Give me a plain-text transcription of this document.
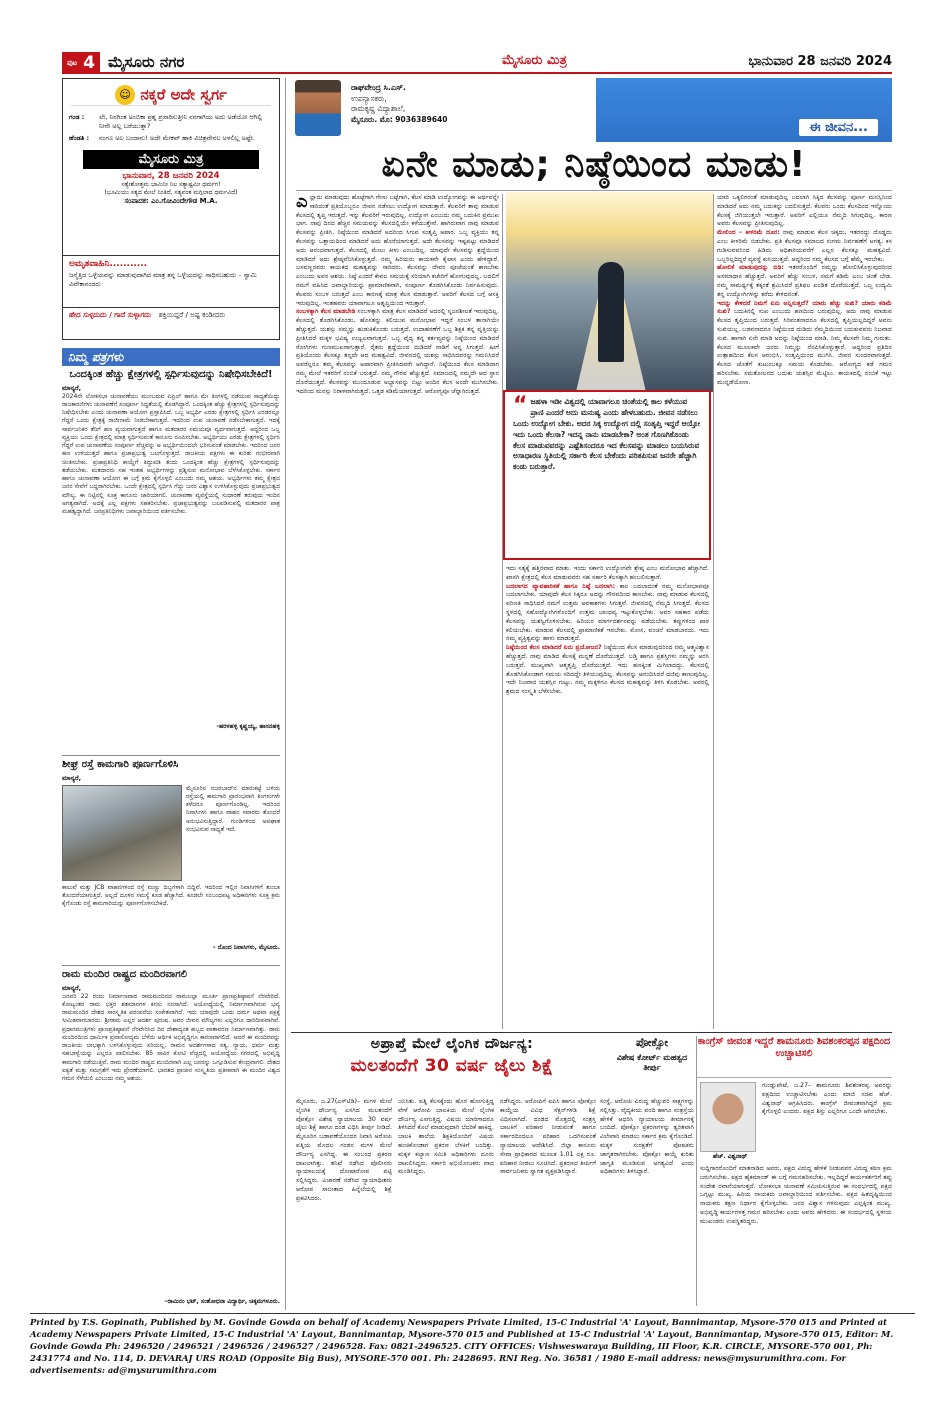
$^{ಪುಟ}$ 4 ಮೈಸೂರು ನಗರ	ಮೈಸೂರು ಮಿತ್ರ	ಭಾನುವಾರ 28 ಜನವರಿ 2024
☺ ನಕ್ಕರೆ ಅದೇ ಸ್ವರ್ಗ
ಗಂಡ :	ಲೇ, ನಿನಗಿಂತ ಅಂಬಿಕಾ ಪ್ರಶ್ನ ಪ್ರಸಾರಿಸುತ್ತೀನಿ ನನಗಾಗಿಯ ಅದು ಅಡೆಯೋ ಆಗಿಲ್ಲಿ ನೀನೇ ಅಲ್ಲ ಬರೆಯುತ್ತಾ?
ಹೆಂಡತಿ :	ನಂಗೂ ಅಲ ಬಂದಾನು! ಅದೇ ಮೇಕಪ್ ಹಾಕಿ ವಿಚಿತ್ರವೇನಲ ಅಳಲಿಲ್ಲ ಅಷ್ಟೇ.
ಮೈಸೂರು ಮಿತ್ರ
ಭಾನುವಾರ, 28 ಜನವರಿ 2024
ಸತ್ಯೇಶೋತ್ತಮ ಭಾಮಿನೀ ನಿಲ ಸತ್ಯಾಷ್ಟಮೀ ಧರ್ಮಗ!
(ಭೂಮಿಯು ಸತ್ಯದ ಮೇಲೆ ನಿಂತಿದೆ, ಸತ್ಯವಂತ ಮಗ್ಗಿಲಾದ ಧರ್ಮವಿದೆ)
ಸಂಪಾದಕ: ಎಂ.ಗೋವಿಂದೇಗೌಡ M.A.
ಅಮೃತವಾಹಿನಿ...........
ಜನ್ಮೆತ್ತಿದ ಒಳ್ಳೆಯವನ್ನು ಮಾಡುವುದಾಗಿದ ಮಾತ್ರ ತನ್ನ ಒಳ್ಳೆಯದನ್ನು ಸಾಧಿಸಬಹುದು – ಸ್ವಾಮಿ ವಿವೇಕಾನಂದರು
ಹೇದ ಸುಳ್ಳದುದು / ಗಾದೆ ಸುಳ್ಳಾಗದು ಶಕ್ತಿಯಿದ್ದರೆ / ಅಷ್ಟ ಕಂಡೀದರು
ನಿಮ್ಮ ಪತ್ರಗಳು
ಒಂದಕ್ಕಿಂತ ಹೆಚ್ಚು ಕ್ಷೇತ್ರಗಳಲ್ಲಿ ಸ್ಪರ್ಧಿಸುವುದನ್ನು ನಿಷೇಧಿಸಬೇಕಿದೆ!
ಮಾನ್ಯರೆ,
2024ನೇ ಲೋಕಸಭಾ ಚುನಾವಣೆಯು ಮುಂಬರುವ ಏಪ್ರಿಲ್ ಹಾಗೂ ಮೇ ತಿಂಗಳಲ್ಲಿ ನಡೆಯುವ ಸಾಧ್ಯತೆಯಿದ್ದು ರಾಜಕಾರಣಿಗಳು ಚುನಾವಣೆಗೆ ಸಂಪೂರ್ಣ ಸಿದ್ಧತೆಯಲ್ಲಿ ತೊಡಗಿದ್ದಾರೆ. ಒಂದಕ್ಕಿಂತ ಹೆಚ್ಚು ಕ್ಷೇತ್ರಗಳಲ್ಲಿ ಸ್ಪರ್ಧಿಸುವುದನ್ನು ನಿಷೇಧಿಸಬೇಕು ಎಂದು ಚುನಾವಣಾ ಆಯೋಗ ಪ್ರಸ್ತಾಪಿಸಿದೆ. ಒಬ್ಬ ಅಭ್ಯರ್ಥಿ ಎರಡು ಕ್ಷೇತ್ರಗಳಲ್ಲಿ ಸ್ಪರ್ಧಿಸಿ ಎರಡರಲ್ಲೂ ಗೆದ್ದರೆ ಒಂದು ಕ್ಷೇತ್ರಕ್ಕೆ ರಾಜೀನಾಮೆ ನೀಡಬೇಕಾಗುತ್ತದೆ. ಇದರಿಂದ ಉಪ ಚುನಾವಣೆ ನಡೆಸಬೇಕಾಗುತ್ತದೆ. ಇದಕ್ಕೆ ಸಾರ್ವಜನಿಕರ ತೆರಿಗೆ ಹಣ ವ್ಯಯವಾಗುತ್ತದೆ ಹಾಗೂ ಮತದಾರರ ಸಮಯವೂ ವ್ಯರ್ಥವಾಗುತ್ತದೆ. ಆದ್ದರಿಂದ ಒಬ್ಬ ವ್ಯಕ್ತಿಯು ಒಂದು ಕ್ಷೇತ್ರದಲ್ಲಿ ಮಾತ್ರ ಸ್ಪರ್ಧಿಸುವಂತೆ ಕಾನೂನು ರೂಪಿಸಬೇಕು. ಅಭ್ಯರ್ಥಿಯು ಎರಡು ಕ್ಷೇತ್ರಗಳಲ್ಲಿ ಸ್ಪರ್ಧಿಸಿ ಗೆದ್ದರೆ ಉಪ ಚುನಾವಣೆಯ ಸಂಪೂರ್ಣ ವೆಚ್ಚವನ್ನು ಆ ಅಭ್ಯರ್ಥಿಯಿಂದಲೇ ಭರಿಸುವಂತೆ ಮಾಡಬೇಕು. ಇದರಿಂದ ಜನರ ಹಣ ಉಳಿಯುತ್ತದೆ ಹಾಗೂ ಪ್ರಜಾಪ್ರಭುತ್ವ ಬಲಗೊಳ್ಳುತ್ತದೆ. ರಾಜಕೀಯ ಪಕ್ಷಗಳು ಈ ಕುರಿತು ಗಂಭೀರವಾಗಿ ಚಿಂತಿಸಬೇಕು. ಪ್ರಜಾಪ್ರತಿನಿಧಿ ಕಾಯ್ದೆಗೆ ತಿದ್ದುಪಡಿ ತಂದು ಒಂದಕ್ಕಿಂತ ಹೆಚ್ಚು ಕ್ಷೇತ್ರಗಳಲ್ಲಿ ಸ್ಪರ್ಧಿಸುವುದನ್ನು ತಡೆಯಬೇಕು. ಮತದಾರರು ಸಹ ಇಂತಹ ಅಭ್ಯರ್ಥಿಗಳನ್ನು ಪ್ರಶ್ನಿಸುವ ಮನೋಭಾವ ಬೆಳೆಸಿಕೊಳ್ಳಬೇಕು. ಸರ್ಕಾರ ಹಾಗೂ ಚುನಾವಣಾ ಆಯೋಗ ಈ ಬಗ್ಗೆ ಕ್ರಮ ಕೈಗೊಳ್ಳಲಿ ಎಂಬುದು ನಮ್ಮ ಆಶಯ. ಅಭ್ಯರ್ಥಿಗಳು ತಮ್ಮ ಕ್ಷೇತ್ರದ ಜನರ ಸೇವೆಗೆ ಬದ್ಧರಾಗಿರಬೇಕು. ಒಂದೇ ಕ್ಷೇತ್ರದಲ್ಲಿ ಸ್ಪರ್ಧಿಸಿ ಗೆದ್ದು ಜನರ ವಿಶ್ವಾಸ ಉಳಿಸಿಕೊಳ್ಳುವುದು ಪ್ರಜಾಪ್ರಭುತ್ವದ ಮೌಲ್ಯ. ಈ ನಿಟ್ಟಿನಲ್ಲಿ ಸೂಕ್ತ ಕಾನೂನು ಜಾರಿಯಾಗಲಿ. ಚುನಾವಣಾ ವ್ಯವಸ್ಥೆಯಲ್ಲಿ ಸುಧಾರಣೆ ತರುವುದು ಇಂದಿನ ಅಗತ್ಯವಾಗಿದೆ. ಅದಕ್ಕೆ ಎಲ್ಲ ಪಕ್ಷಗಳು ಸಹಕರಿಸಬೇಕು. ಪ್ರಜಾಪ್ರಭುತ್ವವನ್ನು ಬಲಪಡಿಸುವಲ್ಲಿ ಮತದಾರರ ಪಾತ್ರ ಮಹತ್ವದ್ದಾಗಿದೆ. ಜನಪ್ರತಿನಿಧಿಗಳು ಜವಾಬ್ದಾರಿಯಿಂದ ವರ್ತಿಸಬೇಕು.
-ಹರಳಹಳ್ಳಿ ಕೃಷ್ಣಯ್ಯ, ಹಾಸನಹಳ್ಳಿ
ಶೀಘ್ರ ರಸ್ತೆ ಕಾಮಗಾರಿ ಪೂರ್ಣಗೊಳಿಸಿ
ಮಾನ್ಯರೆ,
ಮೈಸೂರಿನ ನಜರಬಾದ್‌ನ ಮಾರುಕಟ್ಟೆ ಬಳಿಯ ರಸ್ತೆಯಲ್ಲಿ ಕಾಮಗಾರಿ ಪ್ರಾರಂಭವಾಗಿ ತಿಂಗಳುಗಳೇ ಕಳೆದರೂ ಪೂರ್ಣಗೊಂಡಿಲ್ಲ. ಇದರಿಂದ ನಿವಾಸಿಗಳು ಹಾಗೂ ವಾಹನ ಸವಾರರು ತೊಂದರೆ ಅನುಭವಿಸುತ್ತಿದ್ದಾರೆ. ಗುಂಡಿಗಳಿಂದ ಅಪಘಾತ ಸಂಭವಿಸುವ ಸಾಧ್ಯತೆ ಇದೆ.
ಕಾಲುವೆ ಮತ್ತು JCB ವಾಹನಗಳಿಂದ ರಸ್ತೆ ಮಣ್ಣು ದಿಬ್ಬಗಳಾಗಿ ಬಿದ್ದಿವೆ. ಇದರಿಂದ ಇಲ್ಲಿನ ನಿವಾಸಿಗಳಿಗೆ ತುಂಬಾ ತೊಂದರೆಯಾಗುತ್ತಿದೆ. ಅಲ್ಲದೆ ದೂಳಿನ ಸಮಸ್ಯೆ ಕೂಡ ಹೆಚ್ಚಾಗಿದೆ. ಕೂಡಲೇ ಸಂಬಂಧಪಟ್ಟ ಅಧಿಕಾರಿಗಳು ಸೂಕ್ತ ಕ್ರಮ ಕೈಗೊಂಡು ರಸ್ತೆ ಕಾಮಗಾರಿಯನ್ನು ಪೂರ್ಣಗೊಳಿಸಬೇಕಿದೆ.
– ನೊಂದ ನಿವಾಸಿಗಳು, ಮೈಸೂರು.
ರಾಮ ಮಂದಿರ ರಾಷ್ಟ್ರದ ಮಂದಿರವಾಗಲಿ
ಮಾನ್ಯರೆ,
ಜನವರಿ 22 ರಂದು ನಿರ್ಮಾಣವಾದ ರಾಮಮಂದಿರದ ರಾಮಲಲ್ಲಾ ಮೂರ್ತಿ ಪ್ರಾಣಪ್ರತಿಷ್ಠಾಪನೆ ನೆರವೇರಿದೆ. ಕೋಟ್ಯಂತರ ರಾಮ ಭಕ್ತರ ಶತಮಾನಗಳ ಕನಸು ನನಸಾಗಿದೆ. ಅಯೋಧ್ಯೆಯಲ್ಲಿ ನಿರ್ಮಾಣವಾಗಿರುವ ಭವ್ಯ ರಾಮಮಂದಿರ ದೇಶದ ಸಾಂಸ್ಕೃತಿಕ ಪರಂಪರೆಯ ಸಂಕೇತವಾಗಿದೆ. ಇದು ಯಾವುದೇ ಒಂದು ಧರ್ಮ ಅಥವಾ ಪಕ್ಷಕ್ಕೆ ಸೀಮಿತವಾಗಬಾರದು. ಶ್ರೀರಾಮ ಎಲ್ಲರ ಆದರ್ಶ ಪುರುಷ. ಅವರ ಜೀವನ ಮೌಲ್ಯಗಳು ಎಲ್ಲರಿಗೂ ದಾರಿದೀಪವಾಗಿವೆ. ಪ್ರಧಾನಮಂತ್ರಿಗಳು ಪ್ರಾಣಪ್ರತಿಷ್ಠಾಪನೆ ನೆರವೇರಿಸಿದ ದಿನ ದೇಶಾದ್ಯಂತ ಹಬ್ಬದ ವಾತಾವರಣ ನಿರ್ಮಾಣವಾಗಿತ್ತು. ರಾಮ ಮಂದಿರದಿಂದ ಧಾರ್ಮಿಕ ಪ್ರವಾಸೋದ್ಯಮ ಬೆಳೆದು ಆರ್ಥಿಕ ಅಭಿವೃದ್ಧಿಗೂ ಕಾರಣವಾಗಲಿದೆ. ಆದರೆ ಈ ಮಂದಿರವನ್ನು ರಾಜಕೀಯ ಲಾಭಕ್ಕಾಗಿ ಬಳಸಿಕೊಳ್ಳುವುದು ಸರಿಯಲ್ಲ. ರಾಮನ ಆದರ್ಶಗಳಾದ ಸತ್ಯ, ನ್ಯಾಯ, ಧರ್ಮ ಮತ್ತು ಸಹಬಾಳ್ವೆಯನ್ನು ಎಲ್ಲರೂ ಪಾಲಿಸಬೇಕು. 85 ಸಾವಿರ ಕೋಟಿ ವೆಚ್ಚದಲ್ಲಿ ಅಯೋಧ್ಯೆಯ ನಗರದಲ್ಲಿ ಅಭಿವೃದ್ಧಿ ಕಾಮಗಾರಿ ನಡೆಯುತ್ತಿವೆ. ರಾಮ ಮಂದಿರ ರಾಷ್ಟ್ರದ ಮಂದಿರವಾಗಿ ಎಲ್ಲ ಜನರನ್ನು ಒಗ್ಗೂಡಿಸುವ ಕೇಂದ್ರವಾಗಲಿ. ದೇಶದ ಐಕ್ಯತೆ ಮತ್ತು ಸಮಗ್ರತೆಗೆ ಇದು ಪ್ರೇರಣೆಯಾಗಲಿ. ಭಾರತದ ಪ್ರಾಚೀನ ಸಂಸ್ಕೃತಿಯ ಪ್ರತೀಕವಾಗಿ ಈ ಮಂದಿರ ವಿಶ್ವದ ಗಮನ ಸೆಳೆಯಲಿ ಎಂಬುದು ನಮ್ಮ ಆಶಯ.
–ರಾಮಿನಂ ಭಟ್, ಸಂಶೋಧನಾ ವಿದ್ಯಾರ್ಥಿ, ಚಿಕ್ಕಮಗಳೂರು.
ರಾಘವೇಂದ್ರ ಸಿ.ಎಸ್.
ಉಪನ್ಯಾಸಕರು,
ರಾಮಕೃಷ್ಣ ವಿದ್ಯಾಶಾಲೆ,
ಮೈಸೂರು. ಮೊ: 9036389640
ಈ ಜೀವನ...
ಏನೇ ಮಾಡು; ನಿಷ್ಠೆಯಿಂದ ಮಾಡು!
ಎಲ್ಲಾದು ಮಾಡುವುದು ಹೊಟ್ಟೆಗಾಗಿ ಗೇಣು ಬಟ್ಟೆಗಾಗಿ, ಕೆಲಸ ಮಾಡಿ ಉದ್ಯೋಗವನ್ನು ಈ ಅರ್ಥವನ್ನೇ ಸಾರಿದಂತೆ ಪ್ರತಿಯೊಬ್ಬರೂ ಜೀವನ ನಡೆಸಲು ಉದ್ಯೋಗ ಮಾಡುತ್ತಾರೆ. ಕೆಲವರಿಗೆ ತಾವು ಮಾಡುವ ಕೆಲಸದಲ್ಲಿ ತೃಪ್ತಿ ಇರುತ್ತದೆ. ಇನ್ನು ಕೆಲವರಿಗೆ ಇರುವುದಿಲ್ಲ. ಉದ್ಯೋಗ ಎಂಬುದು ನಮ್ಮ ಬದುಕಿನ ಪ್ರಮುಖ ಭಾಗ. ನಾವು ದಿನದ ಹೆಚ್ಚಿನ ಸಮಯವನ್ನು ಕೆಲಸದಲ್ಲಿಯೇ ಕಳೆಯುತ್ತೇವೆ. ಹಾಗಿರುವಾಗ ನಾವು ಮಾಡುವ ಕೆಲಸವನ್ನು ಪ್ರೀತಿಸಿ, ನಿಷ್ಠೆಯಿಂದ ಮಾಡಿದರೆ ಅದರಿಂದ ಸಿಗುವ ಸಂತೃಪ್ತಿ ಅಪಾರ. ಒಬ್ಬ ವ್ಯಕ್ತಿಯು ತನ್ನ ಕೆಲಸವನ್ನು ಒತ್ತಾಯದಿಂದ ಮಾಡಿದರೆ ಅದು ಹೊರೆಯಾಗುತ್ತದೆ. ಅದೇ ಕೆಲಸವನ್ನು ಇಷ್ಟಪಟ್ಟು ಮಾಡಿದರೆ ಅದು ಆನಂದವಾಗುತ್ತದೆ. ಕೆಲಸದಲ್ಲಿ ಮೇಲು ಕೀಳು ಎಂಬುದಿಲ್ಲ. ಯಾವುದೇ ಕೆಲಸವನ್ನು ಶ್ರದ್ಧೆಯಿಂದ ಮಾಡಿದರೆ ಅದು ಶ್ರೇಷ್ಠವೆನಿಸಿಕೊಳ್ಳುತ್ತದೆ. ನಮ್ಮ ಹಿರಿಯರು ಕಾಯಕವೇ ಕೈಲಾಸ ಎಂದು ಹೇಳಿದ್ದಾರೆ. ಬಸವಣ್ಣನವರು ಕಾಯಕದ ಮಹತ್ವವನ್ನು ಸಾರಿದರು. ಕೆಲಸವನ್ನು ದೇವರ ಪೂಜೆಯಂತೆ ಕಾಣಬೇಕು ಎಂಬುದು ಅವರ ಆಶಯ. ನಿಷ್ಠೆ ಎಂದರೆ ಕೇವಲ ಸಮಯಕ್ಕೆ ಸರಿಯಾಗಿ ಕಚೇರಿಗೆ ಹೋಗುವುದಲ್ಲ. ಬದಲಿಗೆ ನಮಗೆ ವಹಿಸಿದ ಜವಾಬ್ದಾರಿಯನ್ನು ಪ್ರಾಮಾಣಿಕವಾಗಿ, ಸಂಪೂರ್ಣ ತೊಡಗಿಸಿಕೊಂಡು ನಿರ್ವಹಿಸುವುದು. ಕೆಲವರು ಸಂಬಳ ಬರುತ್ತದೆ ಎಂಬ ಕಾರಣಕ್ಕೆ ಮಾತ್ರ ಕೆಲಸ ಮಾಡುತ್ತಾರೆ. ಅವರಿಗೆ ಕೆಲಸದ ಬಗ್ಗೆ ಆಸಕ್ತಿ ಇರುವುದಿಲ್ಲ. ಇಂತಹವರು ಯಾವಾಗಲೂ ಅತೃಪ್ತಿಯಿಂದ ಇರುತ್ತಾರೆ.
ಸಂಬಳಕ್ಕಾಗಿ ಕೆಲಸ ಮಾಡಬೇಡಿ ಸಂಬಳಕ್ಕಾಗಿ ಮಾತ್ರ ಕೆಲಸ ಮಾಡಿದರೆ ಅದರಲ್ಲಿ ಸೃಜನಶೀಲತೆ ಇರುವುದಿಲ್ಲ. ಕೆಲಸದಲ್ಲಿ ತೊಡಗಿಸಿಕೊಂಡು, ಹೊಸತನ್ನು ಕಲಿಯುವ ಮನೋಭಾವ ಇದ್ದರೆ ಸಂಬಳ ತಾನಾಗಿಯೇ ಹೆಚ್ಚುತ್ತದೆ. ಯಶಸ್ಸು ನಮ್ಮನ್ನು ಹುಡುಕಿಕೊಂಡು ಬರುತ್ತದೆ. ಉದಾಹರಣೆಗೆ ಒಬ್ಬ ಶಿಕ್ಷಕ ತನ್ನ ವೃತ್ತಿಯನ್ನು ಪ್ರೀತಿಸಿದರೆ ಮಕ್ಕಳ ಭವಿಷ್ಯ ಉಜ್ವಲವಾಗುತ್ತದೆ. ಒಬ್ಬ ವೈದ್ಯ ತನ್ನ ಕರ್ತವ್ಯವನ್ನು ನಿಷ್ಠೆಯಿಂದ ಮಾಡಿದರೆ ರೋಗಿಗಳು ಗುಣಮುಖರಾಗುತ್ತಾರೆ. ರೈತನು ಶ್ರದ್ಧೆಯಿಂದ ದುಡಿದರೆ ನಾಡಿಗೆ ಅನ್ನ ಸಿಗುತ್ತದೆ. ಹೀಗೆ ಪ್ರತಿಯೊಂದು ಕೆಲಸಕ್ಕೂ ತನ್ನದೇ ಆದ ಮಹತ್ವವಿದೆ. ಜೀವನದಲ್ಲಿ ಯಶಸ್ಸು ಸಾಧಿಸಿದವರನ್ನು ಗಮನಿಸಿದರೆ ಅವರೆಲ್ಲರೂ ತಮ್ಮ ಕೆಲಸವನ್ನು ಅಪಾರವಾಗಿ ಪ್ರೀತಿಸಿದವರೇ ಆಗಿದ್ದಾರೆ. ನಿಷ್ಠೆಯಿಂದ ಕೆಲಸ ಮಾಡಿದಾಗ ನಮ್ಮ ಮೇಲೆ ಇತರರಿಗೆ ನಂಬಿಕೆ ಬರುತ್ತದೆ. ನಮ್ಮ ಗೌರವ ಹೆಚ್ಚುತ್ತದೆ. ಸಮಾಜದಲ್ಲಿ ನಮ್ಮದೇ ಆದ ಸ್ಥಾನ ದೊರೆಯುತ್ತದೆ. ಕೆಲಸವನ್ನು ಮುಂದೂಡುವ ಅಭ್ಯಾಸವನ್ನು ಬಿಟ್ಟು ಅಂದಿನ ಕೆಲಸ ಅಂದೇ ಮುಗಿಸಬೇಕು. ಇದರಿಂದ ಮನಸ್ಸು ನಿರಾಳವಾಗಿರುತ್ತದೆ. ಒತ್ತಡ ಕಡಿಮೆಯಾಗುತ್ತದೆ. ಆರೋಗ್ಯವೂ ಚೆನ್ನಾಗಿರುತ್ತದೆ.
“ ಜಹಳಾ ಇಡೀ ವಿಶ್ವದಲ್ಲಿ ಯಾವಾಗಲೂ ಚಿಂತೆಯಲ್ಲಿ ಕಾಲ ಕಳೆಯುವ ಪ್ರಾಣಿ ಎಂದರೆ ಅದು ಮನುಷ್ಯ ಎಂದು ಹೇಳಬಹುದು. ಜೀವನ ನಡೆಸಲು ಒಂದು ಉದ್ಯೋಗ ಬೇಕು. ಅದರ ಸಿಕ್ಕ ಉದ್ಯೋಗ ದಲ್ಲಿ ಸಂತೃಪ್ತಿ ಇದ್ದರೆ ಆಯ್ತೋ ಇದು ಒಂದು ಕೆಲಸಾ? ಇದನ್ನ ನಾನು ಮಾಡಬೇಕಾ? ಅಂತ ಗೊಣಗಿಕೊಂಡು ಕೆಲಸ ಮಾಡುವವರನ್ನು ಎಷ್ಟೆಶಿಸಂದರೂ ಇದ ಕೆಲಸವನ್ನು ಮಾಡಲು ಬಯಸಿರುವ ಅಸಾಧಾರಣ ಸ್ಥಿತಿಯಲ್ಲಿ ಸರ್ಕಾರಿ ಕೆಲಸ ಬೇಕೆಂದು ಪರಿತಪಿಸುವ ಜನರೇ ಹೆಚ್ಚಾಗಿ ಕಂಡು ಬರುತ್ತಾರೆ.
ಇದು ಸತ್ಯಕ್ಕೆ ಹತ್ತಿರವಾದ ಮಾತು. ಇಂದು ಸರ್ಕಾರಿ ಉದ್ಯೋಗವೇ ಶ್ರೇಷ್ಠ ಎಂಬ ಮನೋಭಾವ ಹೆಚ್ಚಾಗಿದೆ. ಖಾಸಗಿ ಕ್ಷೇತ್ರದಲ್ಲಿ ಕೆಲಸ ಮಾಡುವವರು ಸಹ ಸರ್ಕಾರಿ ಕೆಲಸಕ್ಕಾಗಿ ಹಂಬಲಿಸುತ್ತಾರೆ.
ಬದಲಾಗದ ವ್ಯಾವಹಾರಿಕತೆ ಹಾಗೂ ನಿಷ್ಠೆ ಬದಲಾಗಿ: ಕಾಲ ಬದಲಾದಂತೆ ನಮ್ಮ ಮನೋಭಾವವೂ ಬದಲಾಗಬೇಕು. ಯಾವುದೇ ಕೆಲಸ ಸಿಕ್ಕರೂ ಅದನ್ನು ಗೌರವದಿಂದ ಕಾಣಬೇಕು. ನಾವು ಮಾಡುವ ಕೆಲಸದಲ್ಲಿ ಪರಿಣತಿ ಸಾಧಿಸಿದರೆ ನಮಗೆ ಉತ್ತಮ ಅವಕಾಶಗಳು ಸಿಗುತ್ತವೆ. ಜೀವನದಲ್ಲಿ ನೆಮ್ಮದಿ ಸಿಗುತ್ತದೆ. ಕೆಲಸದ ಸ್ಥಳದಲ್ಲಿ ಸಹೋದ್ಯೋಗಿಗಳೊಂದಿಗೆ ಉತ್ತಮ ಬಾಂಧವ್ಯ ಇಟ್ಟುಕೊಳ್ಳಬೇಕು. ಅವರ ಸಹಕಾರ ಪಡೆದು ಕೆಲಸವನ್ನು ಯಶಸ್ವಿಗೊಳಿಸಬೇಕು. ಹಿರಿಯರ ಮಾರ್ಗದರ್ಶನವನ್ನು ಪಡೆಯಬೇಕು. ತಪ್ಪುಗಳಿಂದ ಪಾಠ ಕಲಿಯಬೇಕು. ಮಾಡುವ ಕೆಲಸದಲ್ಲಿ ಪ್ರಾಮಾಣಿಕತೆ ಇರಬೇಕು. ಮೋಸ, ವಂಚನೆ ಮಾಡಬಾರದು. ಇದು ನಮ್ಮ ವ್ಯಕ್ತಿತ್ವವನ್ನು ಹಾಳು ಮಾಡುತ್ತದೆ.
ನಿಷ್ಠೆಯಿಂದ ಕೆಲಸ ಮಾಡಿದರೆ ಏನು ಪ್ರಯೋಜನ? ನಿಷ್ಠೆಯಿಂದ ಕೆಲಸ ಮಾಡುವುದರಿಂದ ನಮ್ಮ ಆತ್ಮವಿಶ್ವಾಸ ಹೆಚ್ಚುತ್ತದೆ. ನಾವು ಮಾಡಿದ ಕೆಲಸಕ್ಕೆ ಮನ್ನಣೆ ದೊರೆಯುತ್ತದೆ. ಬಡ್ತಿ ಹಾಗೂ ಪ್ರಶಸ್ತಿಗಳು ನಮ್ಮನ್ನು ಅರಸಿ ಬರುತ್ತವೆ. ಮುಖ್ಯವಾಗಿ ಆತ್ಮತೃಪ್ತಿ ದೊರೆಯುತ್ತದೆ. ಇದು ಹಣಕ್ಕಿಂತ ಮಿಗಿಲಾದದ್ದು. ಕೆಲಸದಲ್ಲಿ ತೊಡಗಿಸಿಕೊಂಡಾಗ ಸಮಯ ಸರಿದದ್ದೇ ತಿಳಿಯುವುದಿಲ್ಲ. ಕೆಲಸವನ್ನು ಆನಂದಿಸಿದರೆ ದಣಿವು ಕಾಣುವುದಿಲ್ಲ. ಇದೇ ನಿಜವಾದ ಯಶಸ್ಸಿನ ಗುಟ್ಟು. ನಮ್ಮ ಮಕ್ಕಳಿಗೂ ಕೆಲಸದ ಮಹತ್ವವನ್ನು ತಿಳಿಸಿ ಕೊಡಬೇಕು. ಅವರಲ್ಲಿ ಶ್ರಮದ ಸಂಸ್ಕೃತಿ ಬೆಳೆಸಬೇಕು.
ಯಾರಿ ಒಕ್ಕಲಿಗರಂತೆ ಮಾಡುವುದಿಲ್ಲ ಬದಲಾಗಿ ಸಿಕ್ಕಿದ ಕೆಲಸವನ್ನು ಪೂರ್ಣ ಮನಸ್ಸಿನಿಂದ ಮಾಡಿದರೆ ಅದು ನಮ್ಮ ಬದುಕನ್ನು ಬದಲಿಸುತ್ತದೆ. ಕೆಲವರು ಒಂದು ಕೆಲಸದಿಂದ ಇನ್ನೊಂದು ಕೆಲಸಕ್ಕೆ ಜಿಗಿಯುತ್ತಲೇ ಇರುತ್ತಾರೆ. ಅವರಿಗೆ ಎಲ್ಲಿಯೂ ನೆಮ್ಮದಿ ಸಿಗುವುದಿಲ್ಲ. ಕಾರಣ ಅವರು ಕೆಲಸವನ್ನು ಪ್ರೀತಿಸುವುದಿಲ್ಲ.
ಮೇಲಿಂದ – ಕೀಳರಿಮೆ ದೂರ: ನಾವು ಮಾಡುವ ಕೆಲಸ ಚಿಕ್ಕದು, ಇತರರದ್ದು ದೊಡ್ಡದು ಎಂಬ ಕೀಳರಿಮೆ ಬಿಡಬೇಕು. ಪ್ರತಿ ಕೆಲಸವೂ ಸಮಾಜದ ಸುಗಮ ನಿರ್ವಹಣೆಗೆ ಅಗತ್ಯ. ಕಸ ಗುಡಿಸುವವನಿಂದ ಹಿಡಿದು ಅಧಿಕಾರಿಯವರೆಗೆ ಎಲ್ಲರ ಕೆಲಸಕ್ಕೂ ಮಹತ್ವವಿದೆ. ಒಬ್ಬರಿಲ್ಲದಿದ್ದರೆ ವ್ಯವಸ್ಥೆ ಕುಸಿಯುತ್ತದೆ. ಆದ್ದರಿಂದ ನಮ್ಮ ಕೆಲಸದ ಬಗ್ಗೆ ಹೆಮ್ಮೆ ಇರಬೇಕು.
ಹೋಲಿಕೆ ಮಾಡುವುದನ್ನು ಬಿಡಿ: ಇತರರೊಂದಿಗೆ ನಮ್ಮನ್ನು ಹೋಲಿಸಿಕೊಳ್ಳುವುದರಿಂದ ಅಸಮಾಧಾನ ಹೆಚ್ಚುತ್ತದೆ. ಅವರಿಗೆ ಹೆಚ್ಚು ಸಂಬಳ, ನಮಗೆ ಕಡಿಮೆ ಎಂಬ ಚಿಂತೆ ಬೇಡ. ನಮ್ಮ ಸಾಮರ್ಥ್ಯಕ್ಕೆ ತಕ್ಕಂತೆ ಶ್ರಮಿಸಿದರೆ ಪ್ರತಿಫಲ ಖಂಡಿತ ದೊರೆಯುತ್ತದೆ. ಒಬ್ಬ ಉದ್ಯಮಿ ತನ್ನ ಉದ್ಯೋಗಿಗಳನ್ನು ಕರೆದು ಕೇಳಿದನಂತೆ.
ಇದನ್ನು ಕೇಳಿದರೆ ನಿಮಗೆ ಏನು ಅನ್ನಿಸುತ್ತದೆ? ಯಾರು ಹೆಚ್ಚು ಸುಖಿ? ಯಾರು ಕಡಿಮೆ ಸುಖಿ? ಬದುಕಿನಲ್ಲಿ ಸುಖ ಎಂಬುದು ಹಣದಿಂದ ಬರುವುದಿಲ್ಲ. ಅದು ನಾವು ಮಾಡುವ ಕೆಲಸದ ತೃಪ್ತಿಯಿಂದ ಬರುತ್ತದೆ. ಸಿರಿವಂತನಾದರೂ ಕೆಲಸದಲ್ಲಿ ತೃಪ್ತಿಯಿಲ್ಲದಿದ್ದರೆ ಅವನು ಸುಖಿಯಲ್ಲ. ಬಡವನಾದರೂ ನಿಷ್ಠೆಯಿಂದ ದುಡಿದು ನೆಮ್ಮದಿಯಿಂದ ಬದುಕುವವನು ನಿಜವಾದ ಸುಖಿ. ಹಾಗಾಗಿ ಏನೇ ಮಾಡಿ ಅದನ್ನು ನಿಷ್ಠೆಯಿಂದ ಮಾಡಿ. ನಿಮ್ಮ ಕೆಲಸವೇ ನಿಮ್ಮ ಗುರುತು. ಕೆಲಸದ ಮೂಲಕವೇ ಜನರು ನಿಮ್ಮನ್ನು ನೆನಪಿಸಿಕೊಳ್ಳುತ್ತಾರೆ. ಆದ್ದರಿಂದ ಪ್ರತಿದಿನ ಉತ್ಸಾಹದಿಂದ ಕೆಲಸ ಆರಂಭಿಸಿ, ಸಂತೃಪ್ತಿಯಿಂದ ಮುಗಿಸಿ. ಜೀವನ ಸುಂದರವಾಗುತ್ತದೆ. ಕೆಲಸದ ಜೊತೆಗೆ ಕುಟುಂಬಕ್ಕೂ ಸಮಯ ಕೊಡಬೇಕು. ಆರೋಗ್ಯದ ಕಡೆ ಗಮನ ಹರಿಸಬೇಕು. ಸಮತೋಲನದ ಬದುಕು ಯಶಸ್ಸಿನ ಮೆಟ್ಟಿಲು. ಕಾಯಕದಲ್ಲಿ ನಂಬಿಕೆ ಇಟ್ಟು ಮುನ್ನಡೆಯೋಣ.
ಅಪ್ರಾಪ್ತೆ ಮೇಲೆ ಲೈಂಗಿಕ ದೌರ್ಜನ್ಯ:
ಮಲತಂದೆಗೆ 30 ವರ್ಷ ಜೈಲು ಶಿಕ್ಷೆ
ಪೋಕ್ಸೋ
ವಿಶೇಷ ಕೋರ್ಟ್ ಮಹತ್ವದ ತೀರ್ಪು
ಕಾಂಗ್ರೆಸ್ ಜೀವಂತ ಇದ್ದರೆ ಶಾಮನೂರು ಶಿವಶಂಕರಪ್ಪನ ಪಕ್ಷದಿಂದ ಉಚ್ಚಾಟಿಸಲಿ
ಮೈಸೂರು, ಜ.27(ಎಸ್‌ಟಿಡಿ)– ಮಗಳ ಮೇಲೆ ಲೈಂಗಿಕ ದೌರ್ಜನ್ಯ ಎಸಗಿದ ಮಲತಂದೆಗೆ ಪೋಕ್ಸೋ ವಿಶೇಷ ನ್ಯಾಯಾಲಯ 30 ವರ್ಷ ಜೈಲು ಶಿಕ್ಷೆ ಹಾಗೂ ದಂಡ ವಿಧಿಸಿ ತೀರ್ಪು ನೀಡಿದೆ. ಮೈಸೂರಿನ ಬಡಾವಣೆಯೊಂದರ ನಿವಾಸಿ ಆರೋಪಿ ಪತ್ನಿಯ ಮೊದಲ ಗಂಡನ ಮಗಳ ಮೇಲೆ ದೌರ್ಜನ್ಯ ಎಸಗಿದ್ದ. ಈ ಸಂಬಂಧ ಪ್ರಕರಣ ದಾಖಲಾಗಿತ್ತು. ತನಿಖೆ ನಡೆಸಿದ ಪೊಲೀಸರು ನ್ಯಾಯಾಲಯಕ್ಕೆ ದೋಷಾರೋಪ ಪಟ್ಟಿ ಸಲ್ಲಿಸಿದ್ದರು. ವಿಚಾರಣೆ ನಡೆಸಿದ ನ್ಯಾಯಾಧೀಶರು ಆರೋಪ ಸಾಬೀತಾದ ಹಿನ್ನೆಲೆಯಲ್ಲಿ ಶಿಕ್ಷೆ ಪ್ರಕಟಿಸಿದರು.
ಜನಿಸಿತು. ಪತ್ನಿ ಕೆಲಸಕ್ಕೆಂದು ಹೊರ ಹೋಗುತ್ತಿದ್ದ ವೇಳೆ ಆರೋಪಿ ಬಾಲಕಿಯ ಮೇಲೆ ಲೈಂಗಿಕ ದೌರ್ಜನ್ಯ ಎಸಗುತ್ತಿದ್ದ. ವಿಷಯ ಯಾರಿಗಾದರೂ ತಿಳಿಸಿದರೆ ಕೊಲೆ ಮಾಡುವುದಾಗಿ ಬೆದರಿಕೆ ಹಾಕಿದ್ದ. ಬಾಲಕಿ ಶಾಲೆಯ ಶಿಕ್ಷಕಿಯೊಂದಿಗೆ ವಿಷಯ ಹಂಚಿಕೊಂಡಾಗ ಪ್ರಕರಣ ಬೆಳಕಿಗೆ ಬಂದಿತ್ತು. ಮಕ್ಕಳ ಕಲ್ಯಾಣ ಸಮಿತಿ ಅಧಿಕಾರಿಗಳು ದೂರು ದಾಖಲಿಸಿದ್ದರು. ಸರ್ಕಾರಿ ಅಭಿಯೋಜಕರು ವಾದ ಮಂಡಿಸಿದ್ದರು.
ನಡೆಸಿದ್ದರು. ಅರೋಪಿಗೆ ಐಪಿಸಿ ಹಾಗೂ ಪೋಕ್ಸೋ ಕಾಯ್ದೆಯ ವಿವಿಧ ಸೆಕ್ಷನ್‌ಗಳಡಿ ಶಿಕ್ಷೆ ವಿಧಿಸಲಾಗಿದೆ. ದಂಡದ ಮೊತ್ತದಲ್ಲಿ ಸಂತ್ರಸ್ತ ಬಾಲಕಿಗೆ ಪರಿಹಾರ ನೀಡುವಂತೆ ಹಾಗೂ ಸರ್ಕಾರದಿಂದಲೂ ಪರಿಹಾರ ಒದಗಿಸುವಂತೆ ನ್ಯಾಯಾಲಯ ಆದೇಶಿಸಿದೆ. ಜಿಲ್ಲಾ ಕಾನೂನು ಸೇವಾ ಪ್ರಾಧಿಕಾರದ ಮೂಲಕ 1.01 ಲಕ್ಷ ರೂ. ಪರಿಹಾರ ನೀಡಲು ಸೂಚಿಸಿದೆ. ಪ್ರಕರಣದ ತೀರ್ಪಿಗೆ ಸಾರ್ವಜನಿಕರು ಸ್ವಾಗತ ವ್ಯಕ್ತಪಡಿಸಿದ್ದಾರೆ.
ಸಂಸ್ಥೆ, ಆರೋಪಿ ವಿರುದ್ಧ ಹೆಚ್ಚುವರಿ ಸಾಕ್ಷ್ಯಗಳನ್ನು ಸಲ್ಲಿಸಿತ್ತು. ವೈದ್ಯಕೀಯ ವರದಿ ಹಾಗೂ ಸಂತ್ರಸ್ತೆಯ ಹೇಳಿಕೆ ಆಧರಿಸಿ ನ್ಯಾಯಾಲಯ ತೀರ್ಮಾನಕ್ಕೆ ಬಂದಿದೆ. ಪೋಕ್ಸೋ ಪ್ರಕರಣಗಳನ್ನು ತ್ವರಿತವಾಗಿ ವಿಲೇವಾರಿ ಮಾಡಲು ಸರ್ಕಾರ ಕ್ರಮ ಕೈಗೊಂಡಿದೆ. ಮಕ್ಕಳ ಸುರಕ್ಷತೆಗೆ ಪೋಷಕರು ಜಾಗೃತರಾಗಿರಬೇಕು. ಪೋಕ್ಸೋ ಕಾಯ್ದೆ ಕುರಿತು ಜಾಗೃತಿ ಮೂಡಿಸುವ ಅಗತ್ಯವಿದೆ ಎಂದು ಅಧಿಕಾರಿಗಳು ತಿಳಿಸಿದ್ದಾರೆ.
ಹೆಚ್. ವಿಶ್ವನಾಥ್
ಗುಂಡ್ಲುಪೇಟೆ, ಜ.27– ಶಾಮನೂರು ಶಿವಶಂಕರಪ್ಪ ಅವರನ್ನು ಪಕ್ಷದಿಂದ ಉಚ್ಚಾಟಿಸಬೇಕು ಎಂದು ಮಾಜಿ ಸಚಿವ ಹೆಚ್. ವಿಶ್ವನಾಥ್ ಆಗ್ರಹಿಸಿದರು. ಕಾಂಗ್ರೆಸ್ ಜೀವಂತವಾಗಿದ್ದರೆ ಕ್ರಮ ಕೈಗೊಳ್ಳಲಿ ಎಂದರು. ಪಕ್ಷದ ಶಿಸ್ತು ಎಲ್ಲರಿಗೂ ಒಂದೇ ಆಗಿರಬೇಕು.
ಸುದ್ದಿಗಾರರೊಂದಿಗೆ ಮಾತನಾಡಿದ ಅವರು, ಪಕ್ಷದ ವಿರುದ್ಧ ಹೇಳಿಕೆ ನೀಡುವವರ ವಿರುದ್ಧ ಕಠಿಣ ಕ್ರಮ ಜರುಗಿಸಬೇಕು. ಪಕ್ಷದ ಹೈಕಮಾಂಡ್ ಈ ಬಗ್ಗೆ ಗಮನಹರಿಸಬೇಕು. ಇಲ್ಲದಿದ್ದರೆ ಕಾರ್ಯಕರ್ತರಿಗೆ ತಪ್ಪು ಸಂದೇಶ ರವಾನೆಯಾಗುತ್ತದೆ. ಲೋಕಸಭಾ ಚುನಾವಣೆ ಸಮೀಪಿಸುತ್ತಿರುವ ಈ ಸಂದರ್ಭದಲ್ಲಿ ಪಕ್ಷದ ಒಗ್ಗಟ್ಟು ಮುಖ್ಯ. ಹಿರಿಯ ನಾಯಕರು ಜವಾಬ್ದಾರಿಯಿಂದ ವರ್ತಿಸಬೇಕು. ಪಕ್ಷದ ಹಿತದೃಷ್ಟಿಯಿಂದ ನಾಯಕರು ತಕ್ಷಣ ನಿರ್ಧಾರ ಕೈಗೊಳ್ಳಬೇಕು. ಜನರ ವಿಶ್ವಾಸ ಗಳಿಸುವುದು ಎಲ್ಲಕ್ಕಿಂತ ಮುಖ್ಯ. ಅಭಿವೃದ್ಧಿ ಕಾರ್ಯಗಳತ್ತ ಗಮನ ಹರಿಸಬೇಕು ಎಂದು ಅವರು ಹೇಳಿದರು. ಈ ಸಂದರ್ಭದಲ್ಲಿ ಸ್ಥಳೀಯ ಮುಖಂಡರು ಉಪಸ್ಥಿತರಿದ್ದರು.
Printed by T.S. Gopinath, Published by M. Govinde Gowda on behalf of Academy Newspapers Private Limited, 15-C Industrial 'A' Layout, Bannimantap, Mysore-570 015 and Printed at Academy Newspapers Private Limited, 15-C Industrial 'A' Layout, Bannimantap, Mysore-570 015 and Published at 15-C Industrial 'A' Layout, Bannimantap, Mysore-570 015, Editor: M. Govinde Gowda Ph: 2496520 / 2496521 / 2496526 / 2496527 / 2496528. Fax: 0821-2496525. CITY OFFICES: Vishweswaraya Building, III Floor, K.R. CIRCLE, MYSORE-570 001, Ph: 2431774 and No. 114, D. DEVARAJ URS ROAD (Opposite Big Bus), MYSORE-570 001. Ph: 2428695. RNI Reg. No. 36581 / 1980 E-mail address: news@mysurumithra.com. For advertisements: ad@mysurumithra.com
